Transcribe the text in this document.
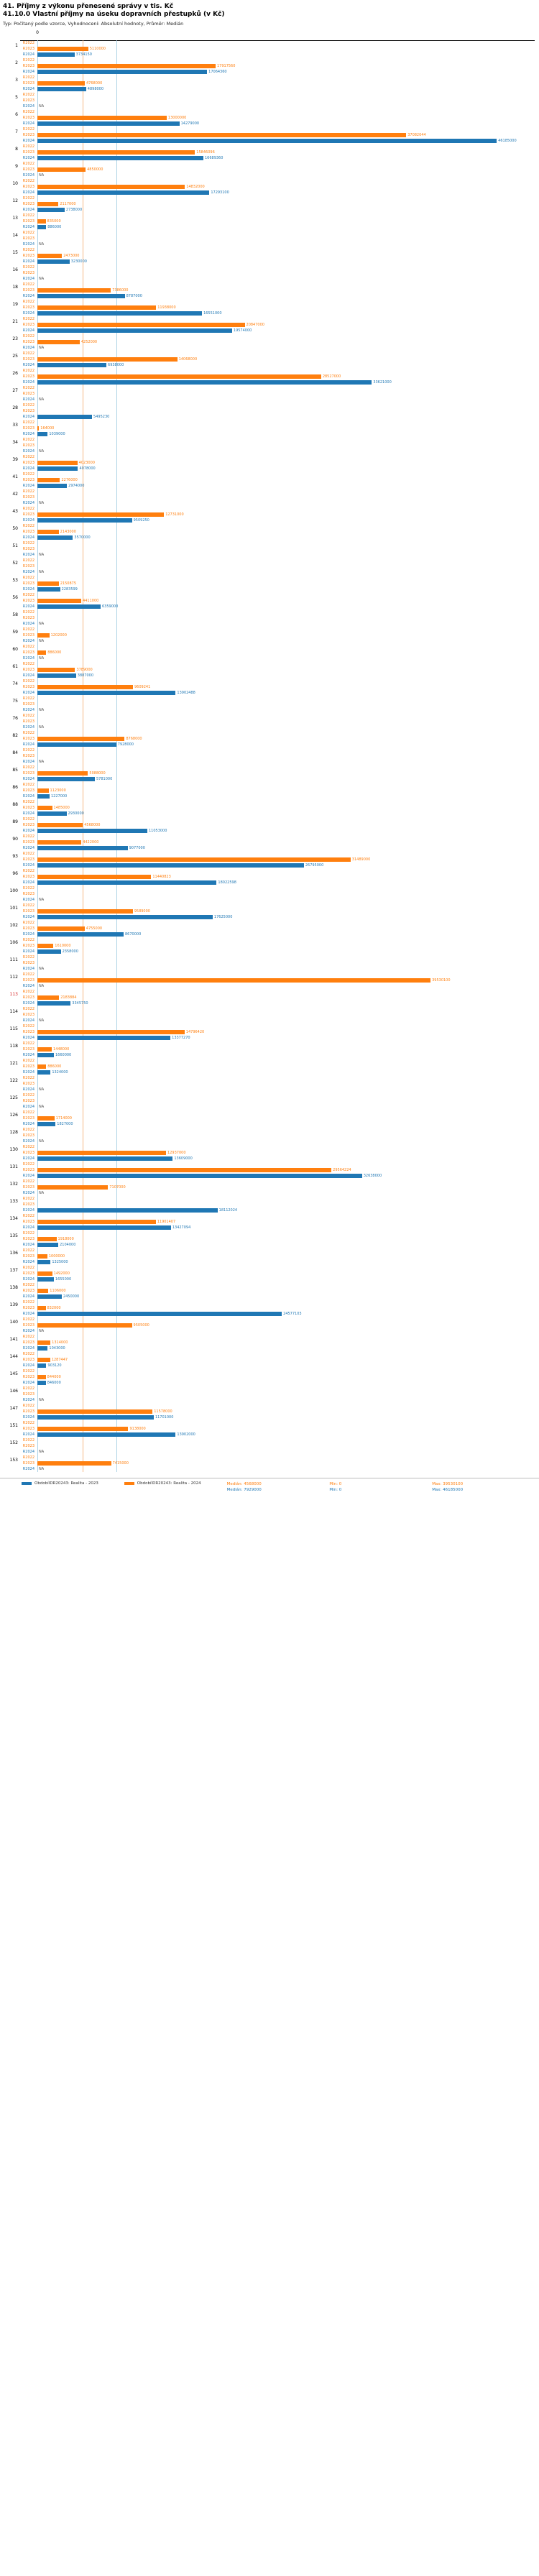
41. Příjmy z výkonu přenesené správy v tis. Kč
41.10.0 Vlastní příjmy na úseku dopravních přestupků (v Kč)
Typ: Počítaný podle vzorce, Vyhodnocení: Absolutní hodnoty, Průměr: Medián
0
1	R2022
R2023	5110000
R2024	3734150
2	R2022
R2023	17917560
R2024	17064360
3	R2022
R2023	4768000
R2024	4898000
5	R2022
R2023
R2024	NA
6	R2022
R2023	13000000
R2024	14279000
7	R2022
R2023	37082044
R2024	46185000
8	R2022
R2023	15846096
R2024	16689360
9	R2022
R2023	4850000
R2024	NA
10	R2022
R2023	14832000
R2024	17293100
12	R2022
R2023	2117000
R2024	2738000
13	R2022
R2023	835000
R2024	886000
14	R2022
R2023
R2024	NA
15	R2022
R2023	2473000
R2024	3230000
16	R2022
R2023
R2024	NA
18	R2022
R2023	7386000
R2024	8787000
19	R2022
R2023	11938000
R2024	16551000
21	R2022
R2023	20847000
R2024	19574000
23	R2022
R2023	4252000
R2024	NA
25	R2022
R2023	14068000
R2024	6938000
26	R2022
R2023	28527000
R2024	33621000
27	R2022
R2023
R2024	NA
28	R2022
R2023
R2024	5495230
33	R2022
R2023	164000
R2024	1039000
34	R2022
R2023
R2024	NA
39	R2022
R2023	4023000
R2024	4078000
41	R2022
R2023	2276000
R2024	2974000
42	R2022
R2023
R2024	NA
43	R2022
R2023	12731000
R2024	9509250
50	R2022
R2023	2143000
R2024	3570000
51	R2022
R2023
R2024	NA
52	R2022
R2023
R2024	NA
53	R2022
R2023	2150875
R2024	2283599
56	R2022
R2023	4411000
R2024	6359000
58	R2022
R2023
R2024	NA
59	R2022
R2023	1202000
R2024	NA
60	R2022
R2023	886000
R2024	NA
61	R2022
R2023	3789000
R2024	3887000
74	R2022
R2023	9609241
R2024	13902488
75	R2022
R2023
R2024	NA
76	R2022
R2023
R2024	NA
82	R2022
R2023	8768000
R2024	7928000
84	R2022
R2023
R2024	NA
85	R2022
R2023	5088000
R2024	5781000
86	R2022
R2023	1123000
R2024	1227000
88	R2022
R2023	1485000
R2024	2930000
89	R2022
R2023	4568000
R2024	11053000
90	R2022
R2023	4422000
R2024	9077000
93	R2022
R2023	31489000
R2024	26795000
96	R2022
R2023	11440823
R2024	18022598
100	R2022
R2023
R2024	NA
101	R2022
R2023	9589000
R2024	17625000
102	R2022
R2023	4755000
R2024	8670000
106	R2022
R2023	1610000
R2024	2358000
111	R2022
R2023
R2024	NA
112	R2022
R2023	39530100
R2024	NA
113	R2022
R2023	2183884
R2024	3345750
114	R2022
R2023
R2024	NA
115	R2022
R2023	14796420
R2024	13377270
118	R2022
R2023	1448000
R2024	1660000
121	R2022
R2023	886000
R2024	1324000
122	R2022
R2023
R2024	NA
125	R2022
R2023
R2024	NA
126	R2022
R2023	1714000
R2024	1827000
128	R2022
R2023
R2024	NA
130	R2022
R2023	12937000
R2024	13609000
131	R2022
R2023	29564224
R2024	32638000
132	R2022
R2023	7107000
R2024	NA
133	R2022
R2023
R2024	18112024
134	R2022
R2023	11901407
R2024	13427094
135	R2022
R2023	1918000
R2024	2104000
136	R2022
R2023	1000000
R2024	1325000
137	R2022
R2023	1492000
R2024	1655000
138	R2022
R2023	1106000
R2024	2450000
139	R2022
R2023	832000
R2024	24577103
140	R2022
R2023	9505000
R2024	NA
141	R2022
R2023	1314000
R2024	1043000
144	R2022
R2023	1287447
R2024	903120
145	R2022
R2023	844000
R2024	846000
146	R2022
R2023
R2024	NA
147	R2022
R2023	11578000
R2024	11701000
151	R2022
R2023	9138000
R2024	13902000
152	R2022
R2023
R2024	NA
153	R2022
R2023	7415000
R2024	NA
ObdobíIDR20243: Realita - 2023	ObdobíIDR20243: Realita - 2024	Medián: 4568000
Medián: 7929000
Min: 0
Min: 0
Max: 39530100
Max: 46185000
